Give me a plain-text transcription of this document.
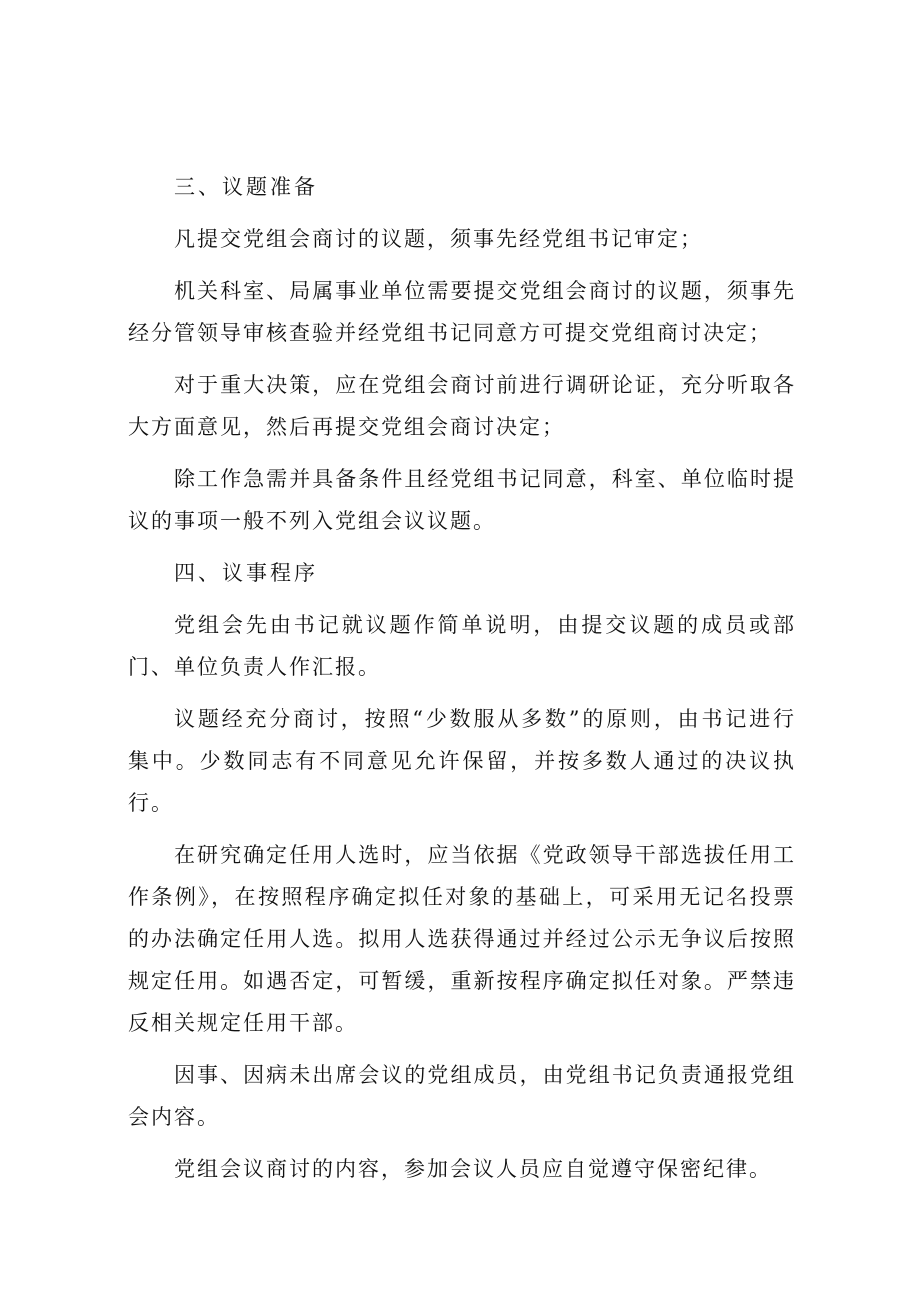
三、议题准备

凡提交党组会商讨的议题，须事先经党组书记审定；

机关科室、局属事业单位需要提交党组会商讨的议题，须事先经分管领导审核查验并经党组书记同意方可提交党组商讨决定；

对于重大决策，应在党组会商讨前进行调研论证，充分听取各大方面意见，然后再提交党组会商讨决定；

除工作急需并具备条件且经党组书记同意，科室、单位临时提议的事项一般不列入党组会议议题。

四、议事程序

党组会先由书记就议题作简单说明，由提交议题的成员或部门、单位负责人作汇报。

议题经充分商讨，按照“少数服从多数”的原则，由书记进行集中。少数同志有不同意见允许保留，并按多数人通过的决议执行。

在研究确定任用人选时，应当依据《党政领导干部选拔任用工作条例》，在按照程序确定拟任对象的基础上，可采用无记名投票的办法确定任用人选。拟用人选获得通过并经过公示无争议后按照规定任用。如遇否定，可暂缓，重新按程序确定拟任对象。严禁违反相关规定任用干部。

因事、因病未出席会议的党组成员，由党组书记负责通报党组会内容。

党组会议商讨的内容，参加会议人员应自觉遵守保密纪律。
